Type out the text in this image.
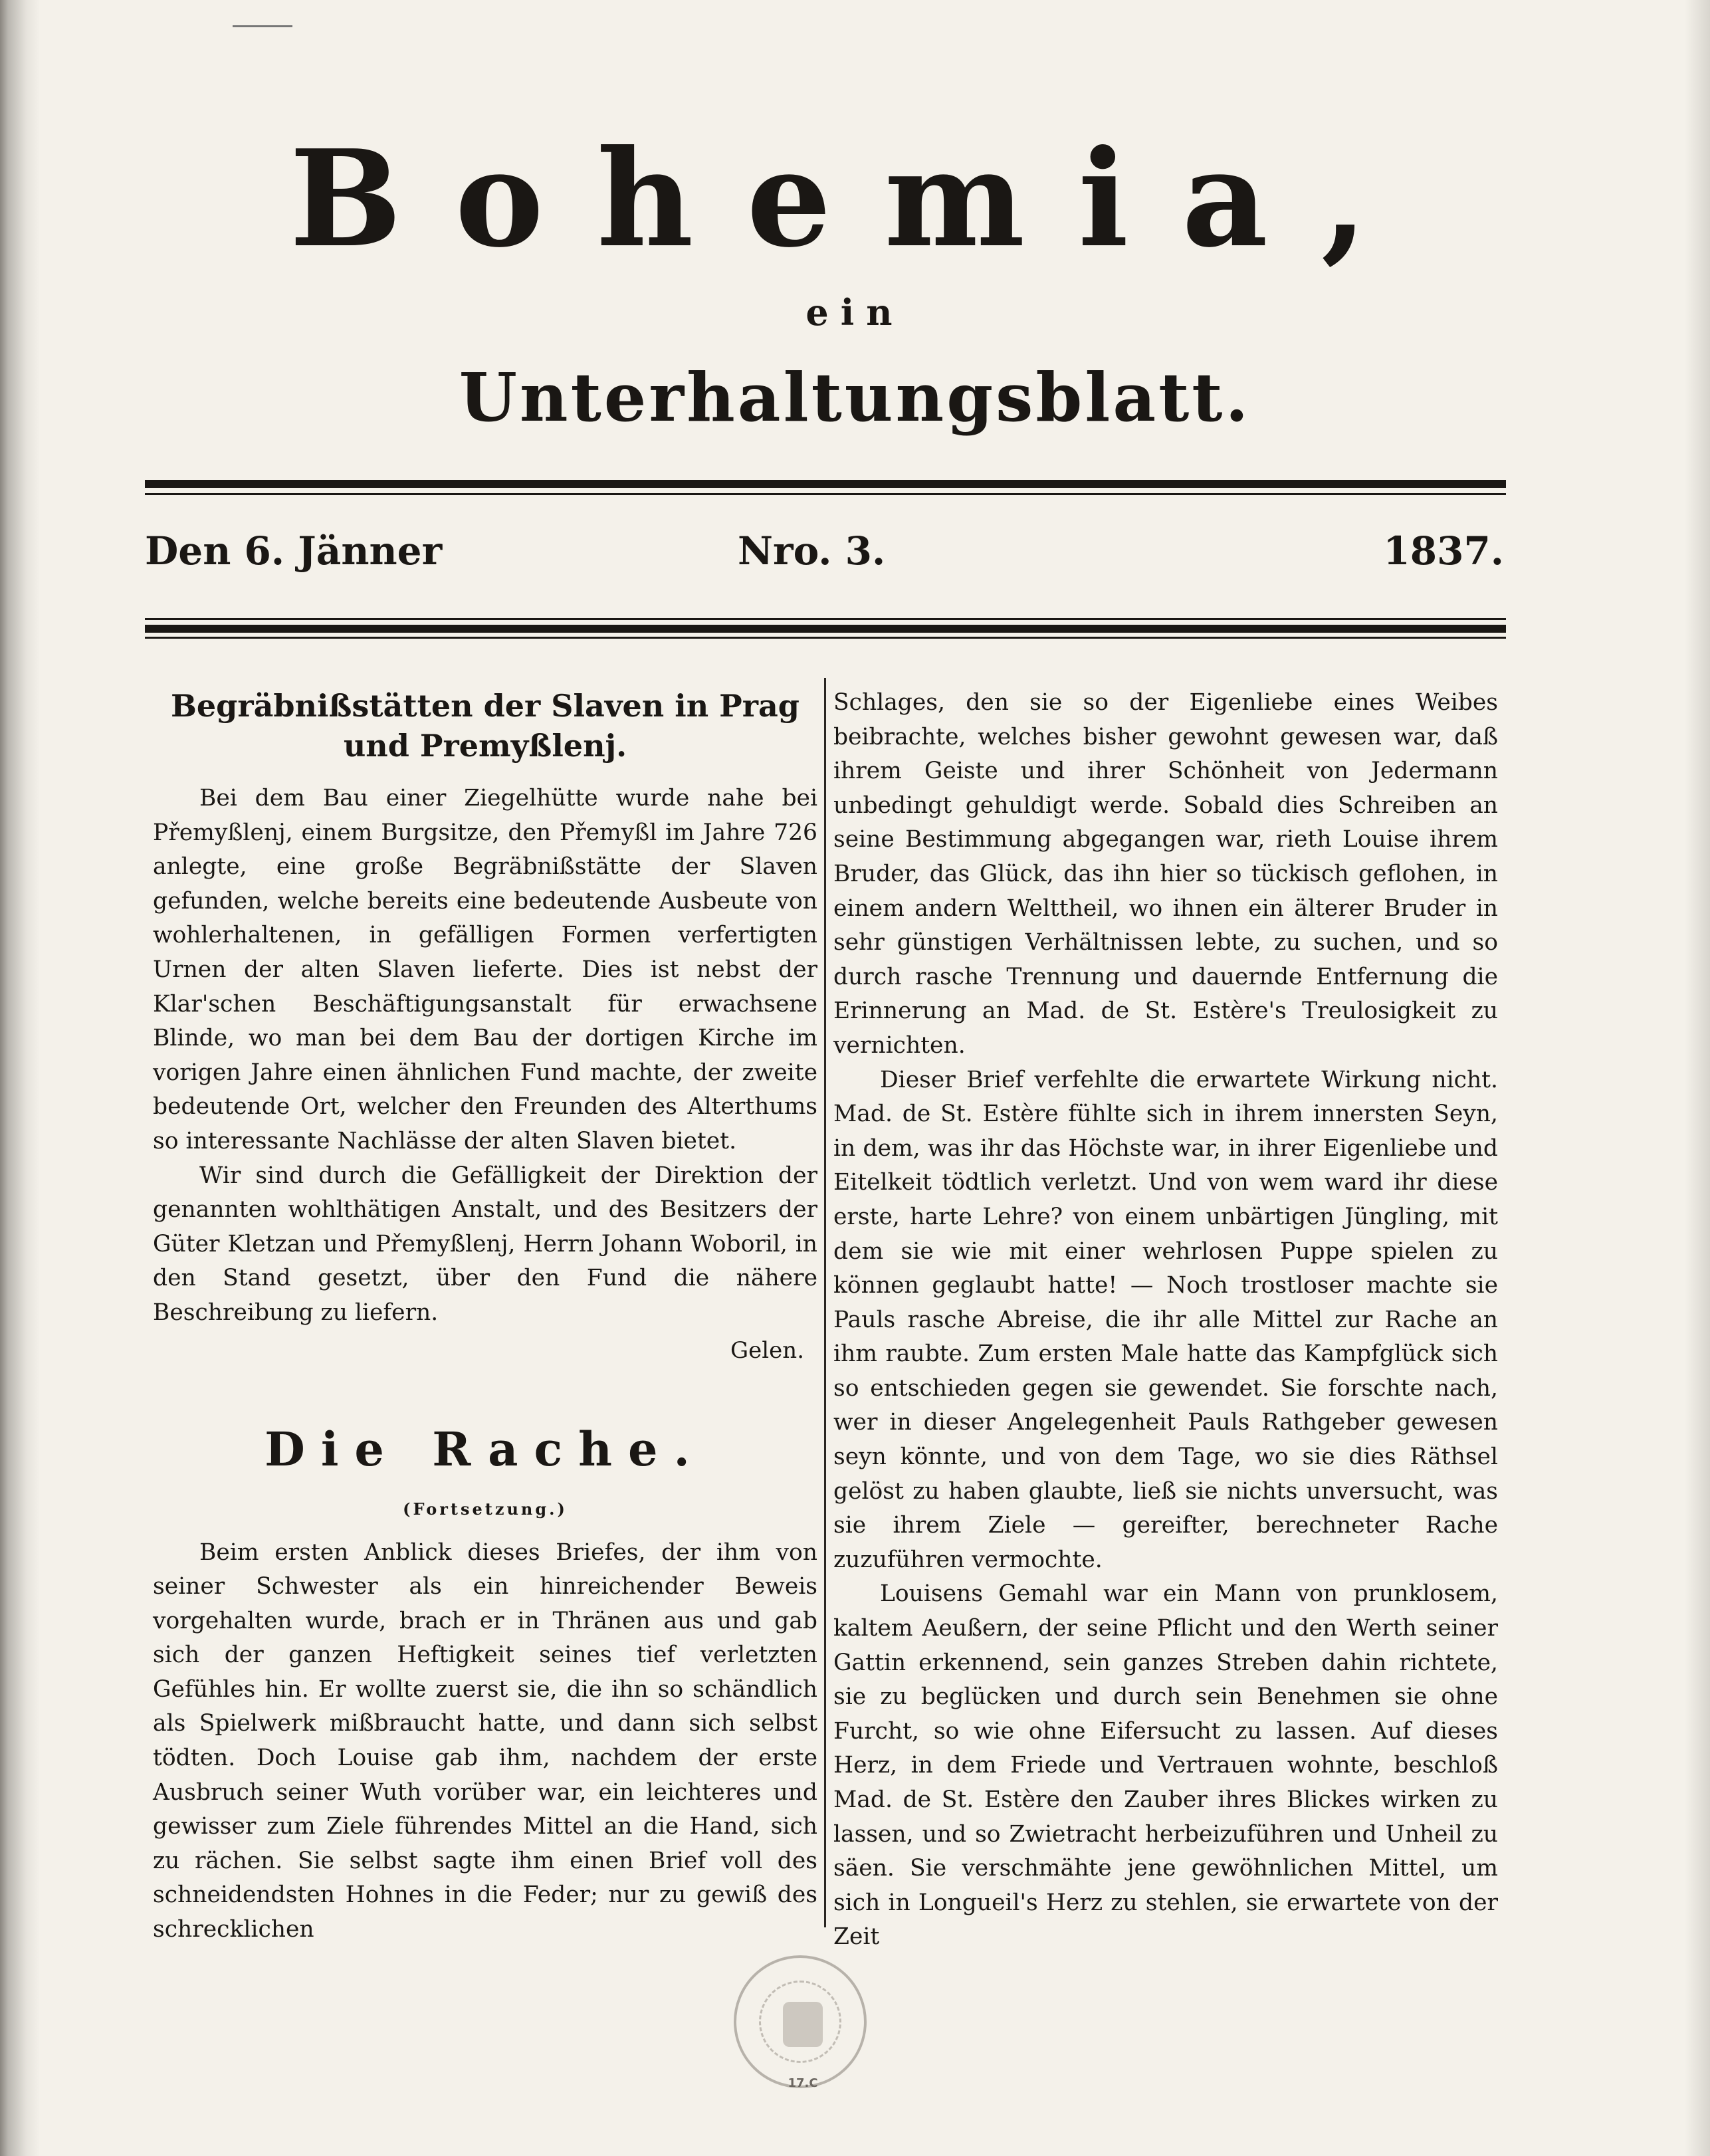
Bohemia,
ein
Unterhaltungsblatt.
Den 6. Jänner	Nro. 3.	1837.
Begräbnißstätten der Slaven in Prag und Premyßlenj.

Bei dem Bau einer Ziegelhütte wurde nahe bei Přemyßlenj, einem Burgsitze, den Přemyßl im Jahre 726 anlegte, eine große Begräbnißstätte der Slaven gefunden, welche bereits eine bedeutende Ausbeute von wohlerhaltenen, in gefälligen Formen verfertigten Urnen der alten Slaven lieferte. Dies ist nebst der Klar'schen Beschäftigungsanstalt für erwachsene Blinde, wo man bei dem Bau der dortigen Kirche im vorigen Jahre einen ähnlichen Fund machte, der zweite bedeutende Ort, welcher den Freunden des Alterthums so interessante Nachlässe der alten Slaven bietet.

Wir sind durch die Gefälligkeit der Direktion der genannten wohlthätigen Anstalt, und des Besitzers der Güter Kletzan und Přemyßlenj, Herrn Johann Woboril, in den Stand gesetzt, über den Fund die nähere Beschreibung zu liefern.

Gelen.
Die Rache.
(Fortsetzung.)

Beim ersten Anblick dieses Briefes, der ihm von seiner Schwester als ein hinreichender Beweis vorgehalten wurde, brach er in Thränen aus und gab sich der ganzen Heftigkeit seines tief verletzten Gefühles hin. Er wollte zuerst sie, die ihn so schändlich als Spielwerk mißbraucht hatte, und dann sich selbst tödten. Doch Louise gab ihm, nachdem der erste Ausbruch seiner Wuth vorüber war, ein leichteres und gewisser zum Ziele führendes Mittel an die Hand, sich zu rächen. Sie selbst sagte ihm einen Brief voll des schneidendsten Hohnes in die Feder; nur zu gewiß des schrecklichen

Schlages, den sie so der Eigenliebe eines Weibes beibrachte, welches bisher gewohnt gewesen war, daß ihrem Geiste und ihrer Schönheit von Jedermann unbedingt gehuldigt werde. Sobald dies Schreiben an seine Bestimmung abgegangen war, rieth Louise ihrem Bruder, das Glück, das ihn hier so tückisch geflohen, in einem andern Welttheil, wo ihnen ein älterer Bruder in sehr günstigen Verhältnissen lebte, zu suchen, und so durch rasche Trennung und dauernde Entfernung die Erinnerung an Mad. de St. Estère's Treulosigkeit zu vernichten.

Dieser Brief verfehlte die erwartete Wirkung nicht. Mad. de St. Estère fühlte sich in ihrem innersten Seyn, in dem, was ihr das Höchste war, in ihrer Eigenliebe und Eitelkeit tödtlich verletzt. Und von wem ward ihr diese erste, harte Lehre? von einem unbärtigen Jüngling, mit dem sie wie mit einer wehrlosen Puppe spielen zu können geglaubt hatte! — Noch trostloser machte sie Pauls rasche Abreise, die ihr alle Mittel zur Rache an ihm raubte. Zum ersten Male hatte das Kampfglück sich so entschieden gegen sie gewendet. Sie forschte nach, wer in dieser Angelegenheit Pauls Rathgeber gewesen seyn könnte, und von dem Tage, wo sie dies Räthsel gelöst zu haben glaubte, ließ sie nichts unversucht, was sie ihrem Ziele — gereifter, berechneter Rache zuzuführen vermochte.

Louisens Gemahl war ein Mann von prunklosem, kaltem Aeußern, der seine Pflicht und den Werth seiner Gattin erkennend, sein ganzes Streben dahin richtete, sie zu beglücken und durch sein Benehmen sie ohne Furcht, so wie ohne Eifersucht zu lassen. Auf dieses Herz, in dem Friede und Vertrauen wohnte, beschloß Mad. de St. Estère den Zauber ihres Blickes wirken zu lassen, und so Zwietracht herbeizuführen und Unheil zu säen. Sie verschmähte jene gewöhnlichen Mittel, um sich in Longueil's Herz zu stehlen, sie erwartete von der Zeit

17.C
